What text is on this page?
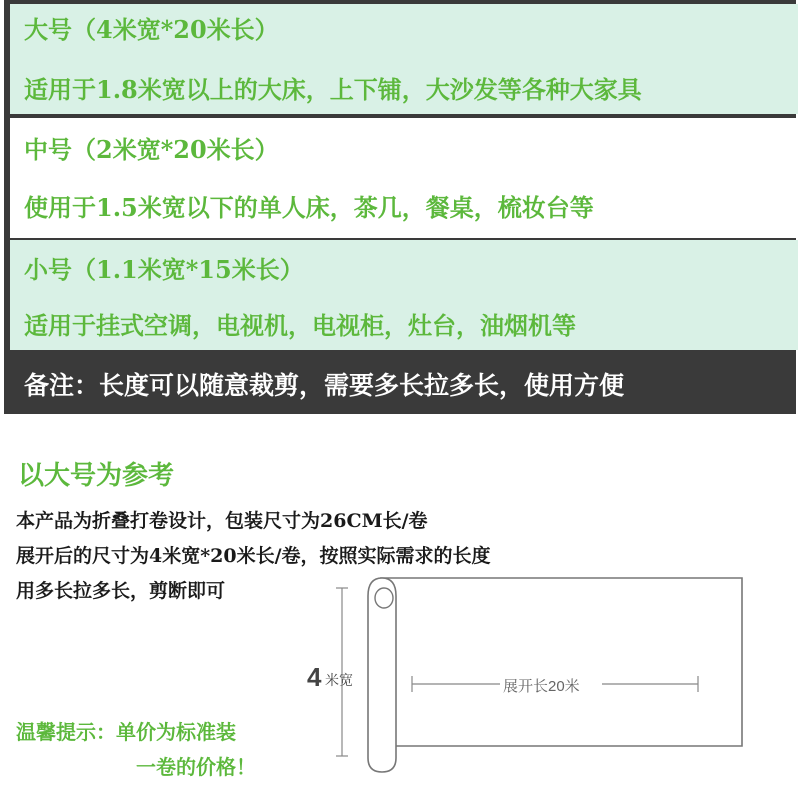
大号（4米宽*20米长）
适用于1.8米宽以上的大床，上下铺，大沙发等各种大家具
中号（2米宽*20米长）
使用于1.5米宽以下的单人床，茶几，餐桌，梳妆台等
小号（1.1米宽*15米长）
适用于挂式空调，电视机，电视柜，灶台，油烟机等
备注：长度可以随意裁剪，需要多长拉多长，使用方便
以大号为参考
本产品为折叠打卷设计，包装尺寸为26CM长/卷
展开后的尺寸为4米宽*20米长/卷，按照实际需求的长度
用多长拉多长，剪断即可
4 米宽	展开长20米
温馨提示：单价为标准装
一卷的价格！
